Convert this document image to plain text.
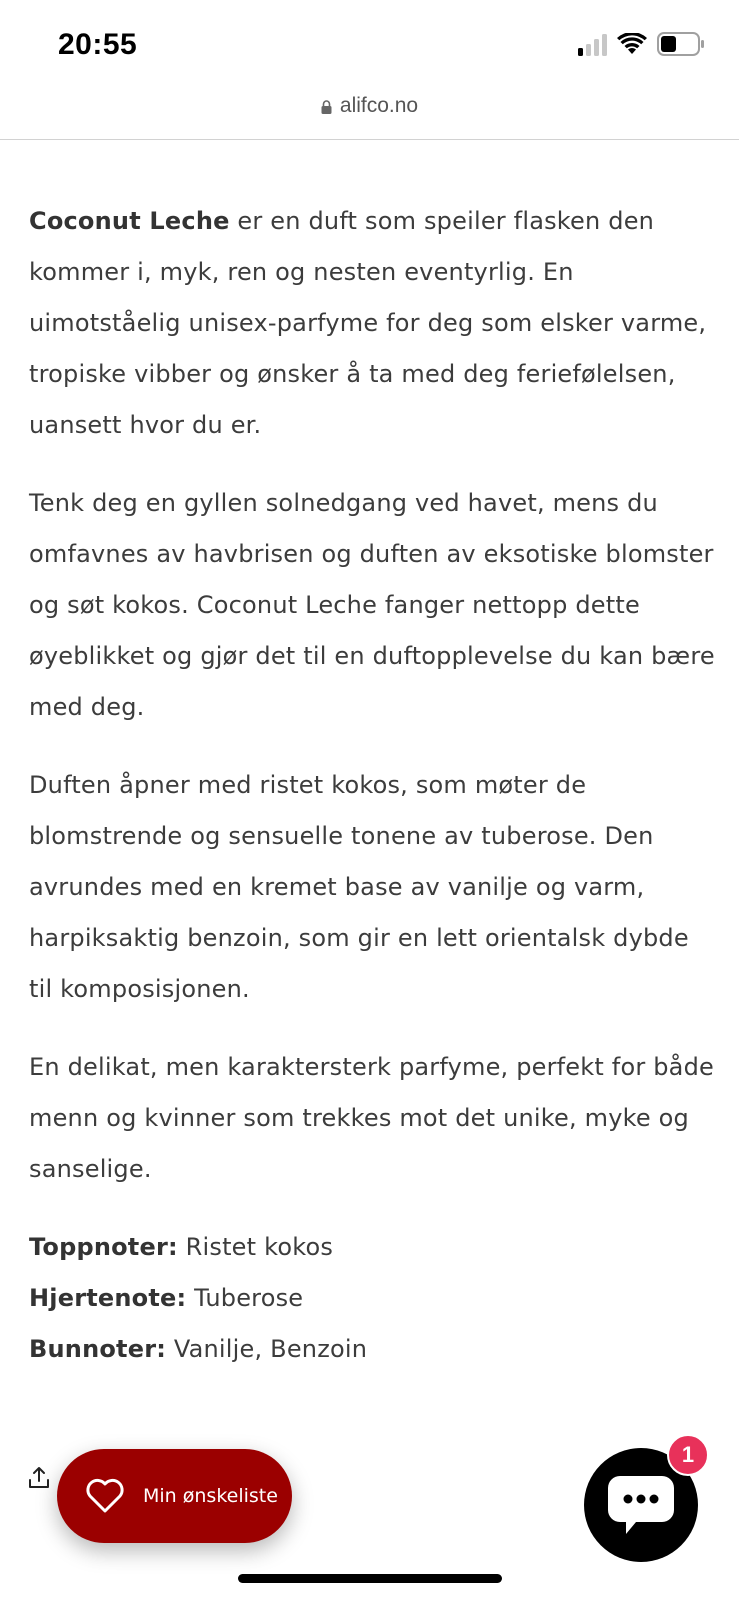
20:55
alifco.no

Coconut Leche er en duft som speiler flasken den kommer i, myk, ren og nesten eventyrlig. En uimotståelig unisex-parfyme for deg som elsker varme, tropiske vibber og ønsker å ta med deg feriefølelsen, uansett hvor du er.

Tenk deg en gyllen solnedgang ved havet, mens du omfavnes av havbrisen og duften av eksotiske blomster og søt kokos. Coconut Leche fanger nettopp dette øyeblikket og gjør det til en duftopplevelse du kan bære med deg.

Duften åpner med ristet kokos, som møter de blomstrende og sensuelle tonene av tuberose. Den avrundes med en kremet base av vanilje og varm, harpiksaktig benzoin, som gir en lett orientalsk dybde til komposisjonen.

En delikat, men karaktersterk parfyme, perfekt for både menn og kvinner som trekkes mot det unike, myke og sanselige.

Toppnoter: Ristet kokos
Hjertenote: Tuberose
Bunnoter: Vanilje, Benzoin
Min ønskeliste
1
